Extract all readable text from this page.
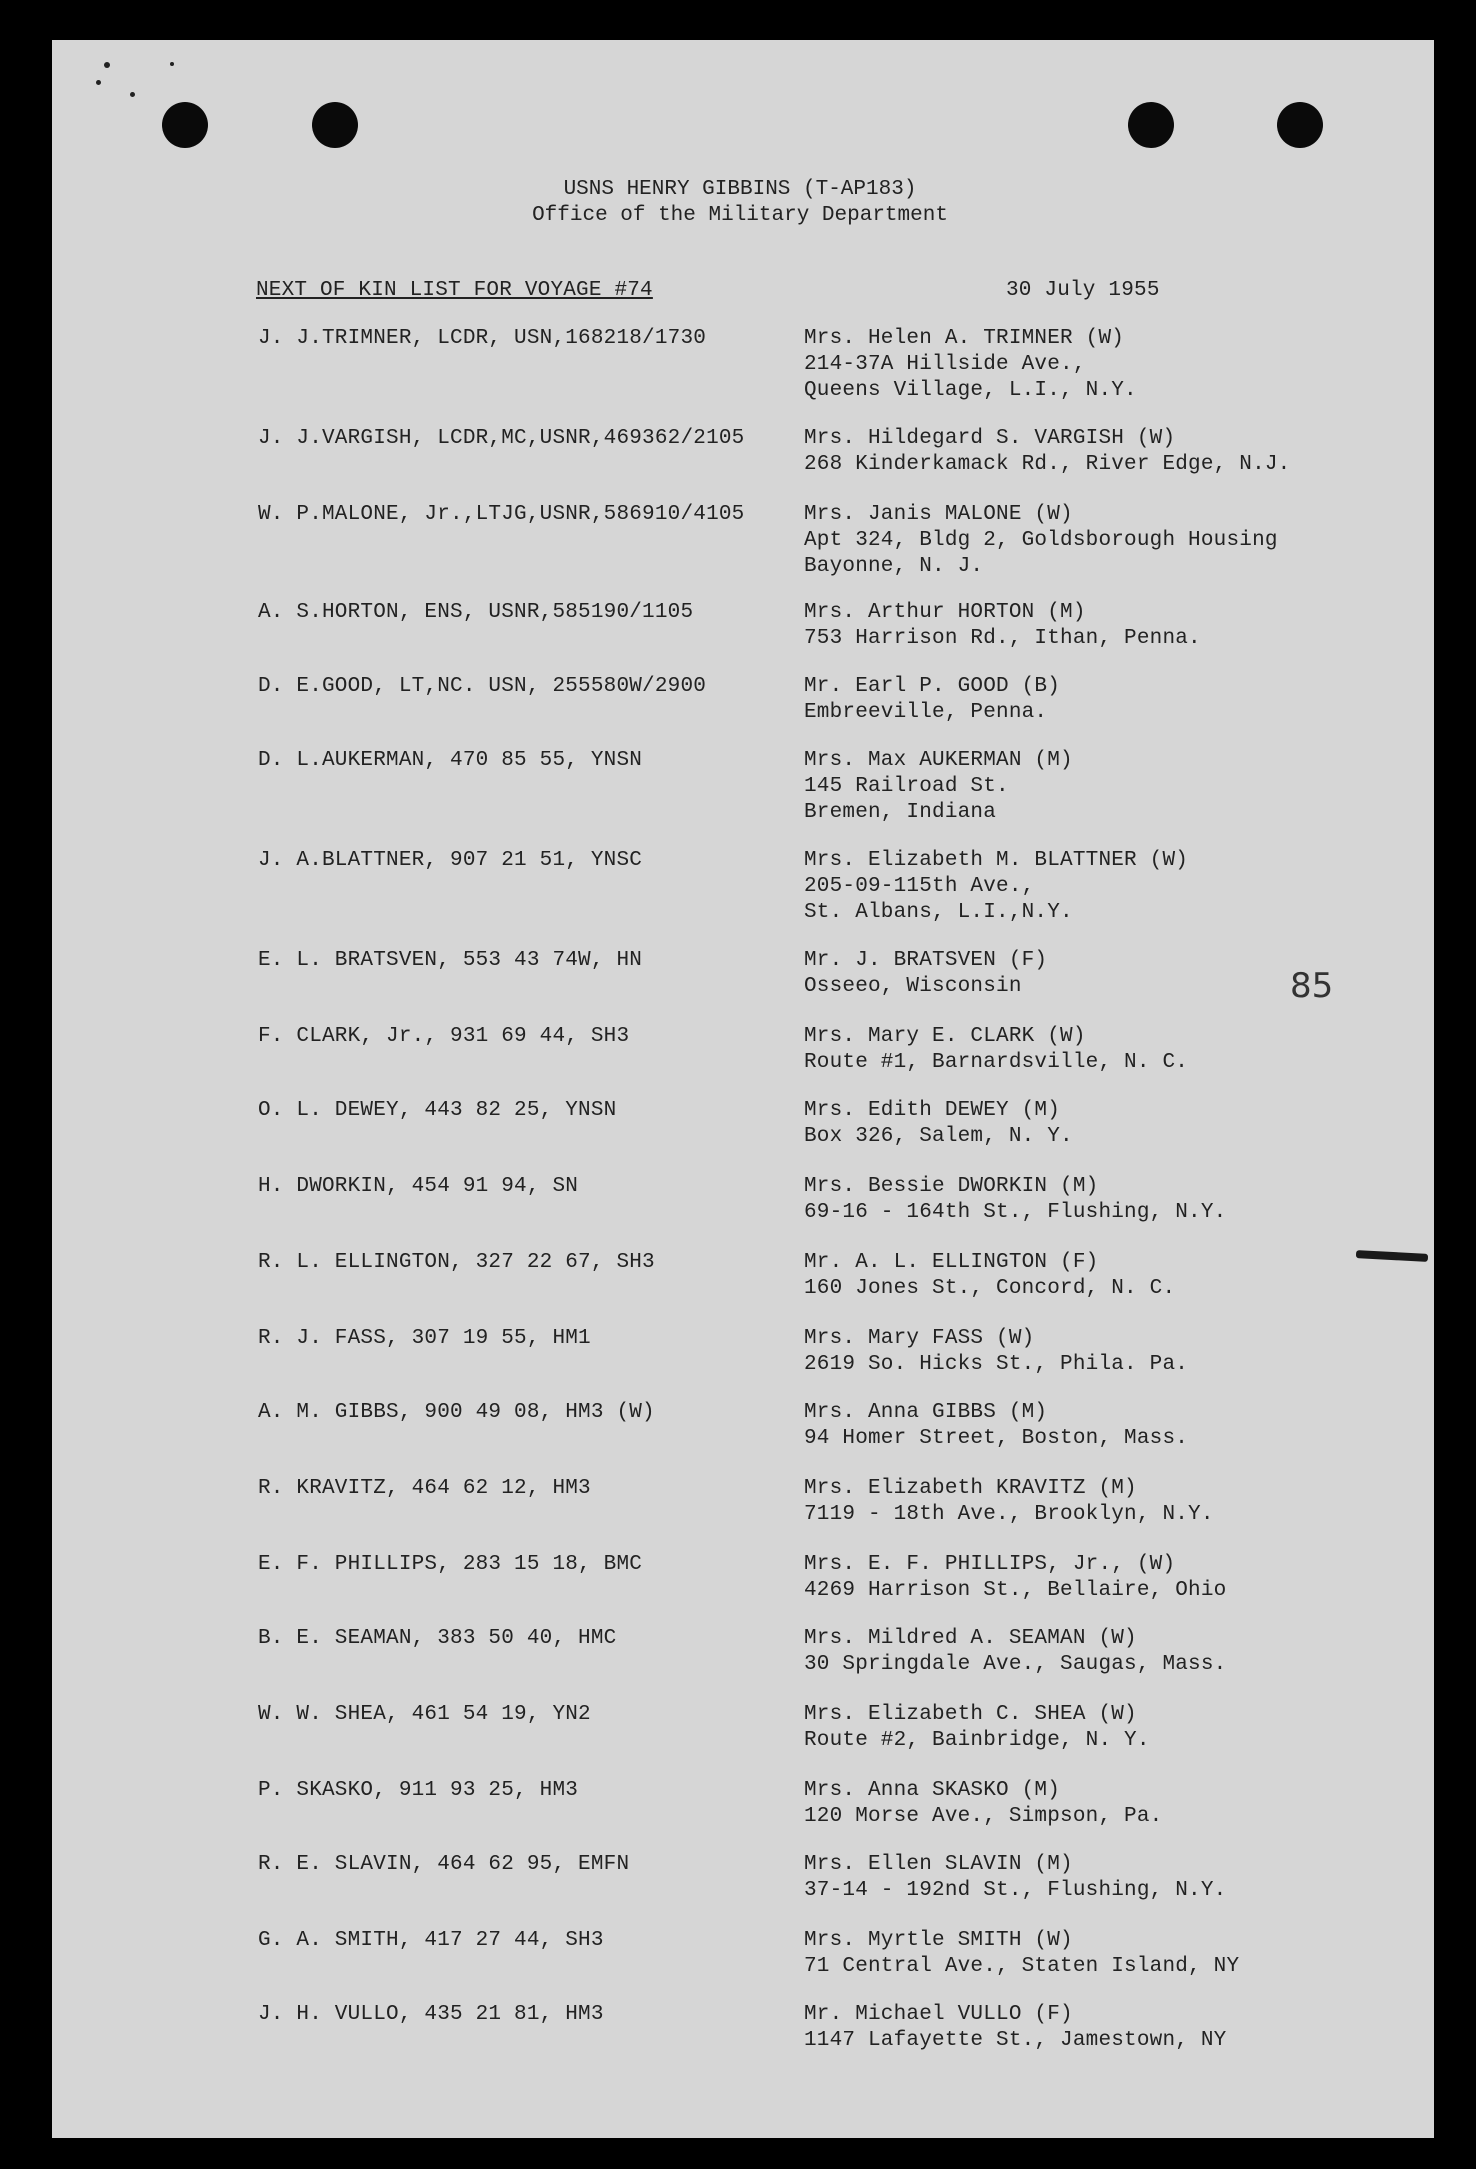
USNS HENRY GIBBINS (T-AP183)
Office of the Military Department
NEXT OF KIN LIST FOR VOYAGE #74	30 July 1955
85
J. J.TRIMNER, LCDR, USN,168218/1730	Mrs. Helen A. TRIMNER (W)
214-37A Hillside Ave.,
Queens Village, L.I., N.Y.
J. J.VARGISH, LCDR,MC,USNR,469362/2105	Mrs. Hildegard S. VARGISH (W)
268 Kinderkamack Rd., River Edge, N.J.
W. P.MALONE, Jr.,LTJG,USNR,586910/4105	Mrs. Janis MALONE (W)
Apt 324, Bldg 2, Goldsborough Housing
Bayonne, N. J.
A. S.HORTON, ENS, USNR,585190/1105	Mrs. Arthur HORTON (M)
753 Harrison Rd., Ithan, Penna.
D. E.GOOD, LT,NC. USN, 255580W/2900	Mr. Earl P. GOOD (B)
Embreeville, Penna.
D. L.AUKERMAN, 470 85 55, YNSN	Mrs. Max AUKERMAN (M)
145 Railroad St.
Bremen, Indiana
J. A.BLATTNER, 907 21 51, YNSC	Mrs. Elizabeth M. BLATTNER (W)
205-09-115th Ave.,
St. Albans, L.I.,N.Y.
E. L. BRATSVEN, 553 43 74W, HN	Mr. J. BRATSVEN (F)
Osseeo, Wisconsin
F. CLARK, Jr., 931 69 44, SH3	Mrs. Mary E. CLARK (W)
Route #1, Barnardsville, N. C.
O. L. DEWEY, 443 82 25, YNSN	Mrs. Edith DEWEY (M)
Box 326, Salem, N. Y.
H. DWORKIN, 454 91 94, SN	Mrs. Bessie DWORKIN (M)
69-16 - 164th St., Flushing, N.Y.
R. L. ELLINGTON, 327 22 67, SH3	Mr. A. L. ELLINGTON (F)
160 Jones St., Concord, N. C.
R. J. FASS, 307 19 55, HM1	Mrs. Mary FASS (W)
2619 So. Hicks St., Phila. Pa.
A. M. GIBBS, 900 49 08, HM3 (W)	Mrs. Anna GIBBS (M)
94 Homer Street, Boston, Mass.
R. KRAVITZ, 464 62 12, HM3	Mrs. Elizabeth KRAVITZ (M)
7119 - 18th Ave., Brooklyn, N.Y.
E. F. PHILLIPS, 283 15 18, BMC	Mrs. E. F. PHILLIPS, Jr., (W)
4269 Harrison St., Bellaire, Ohio
B. E. SEAMAN, 383 50 40, HMC	Mrs. Mildred A. SEAMAN (W)
30 Springdale Ave., Saugas, Mass.
W. W. SHEA, 461 54 19, YN2	Mrs. Elizabeth C. SHEA (W)
Route #2, Bainbridge, N. Y.
P. SKASKO, 911 93 25, HM3	Mrs. Anna SKASKO (M)
120 Morse Ave., Simpson, Pa.
R. E. SLAVIN, 464 62 95, EMFN	Mrs. Ellen SLAVIN (M)
37-14 - 192nd St., Flushing, N.Y.
G. A. SMITH, 417 27 44, SH3	Mrs. Myrtle SMITH (W)
71 Central Ave., Staten Island, NY
J. H. VULLO, 435 21 81, HM3	Mr. Michael VULLO (F)
1147 Lafayette St., Jamestown, NY
